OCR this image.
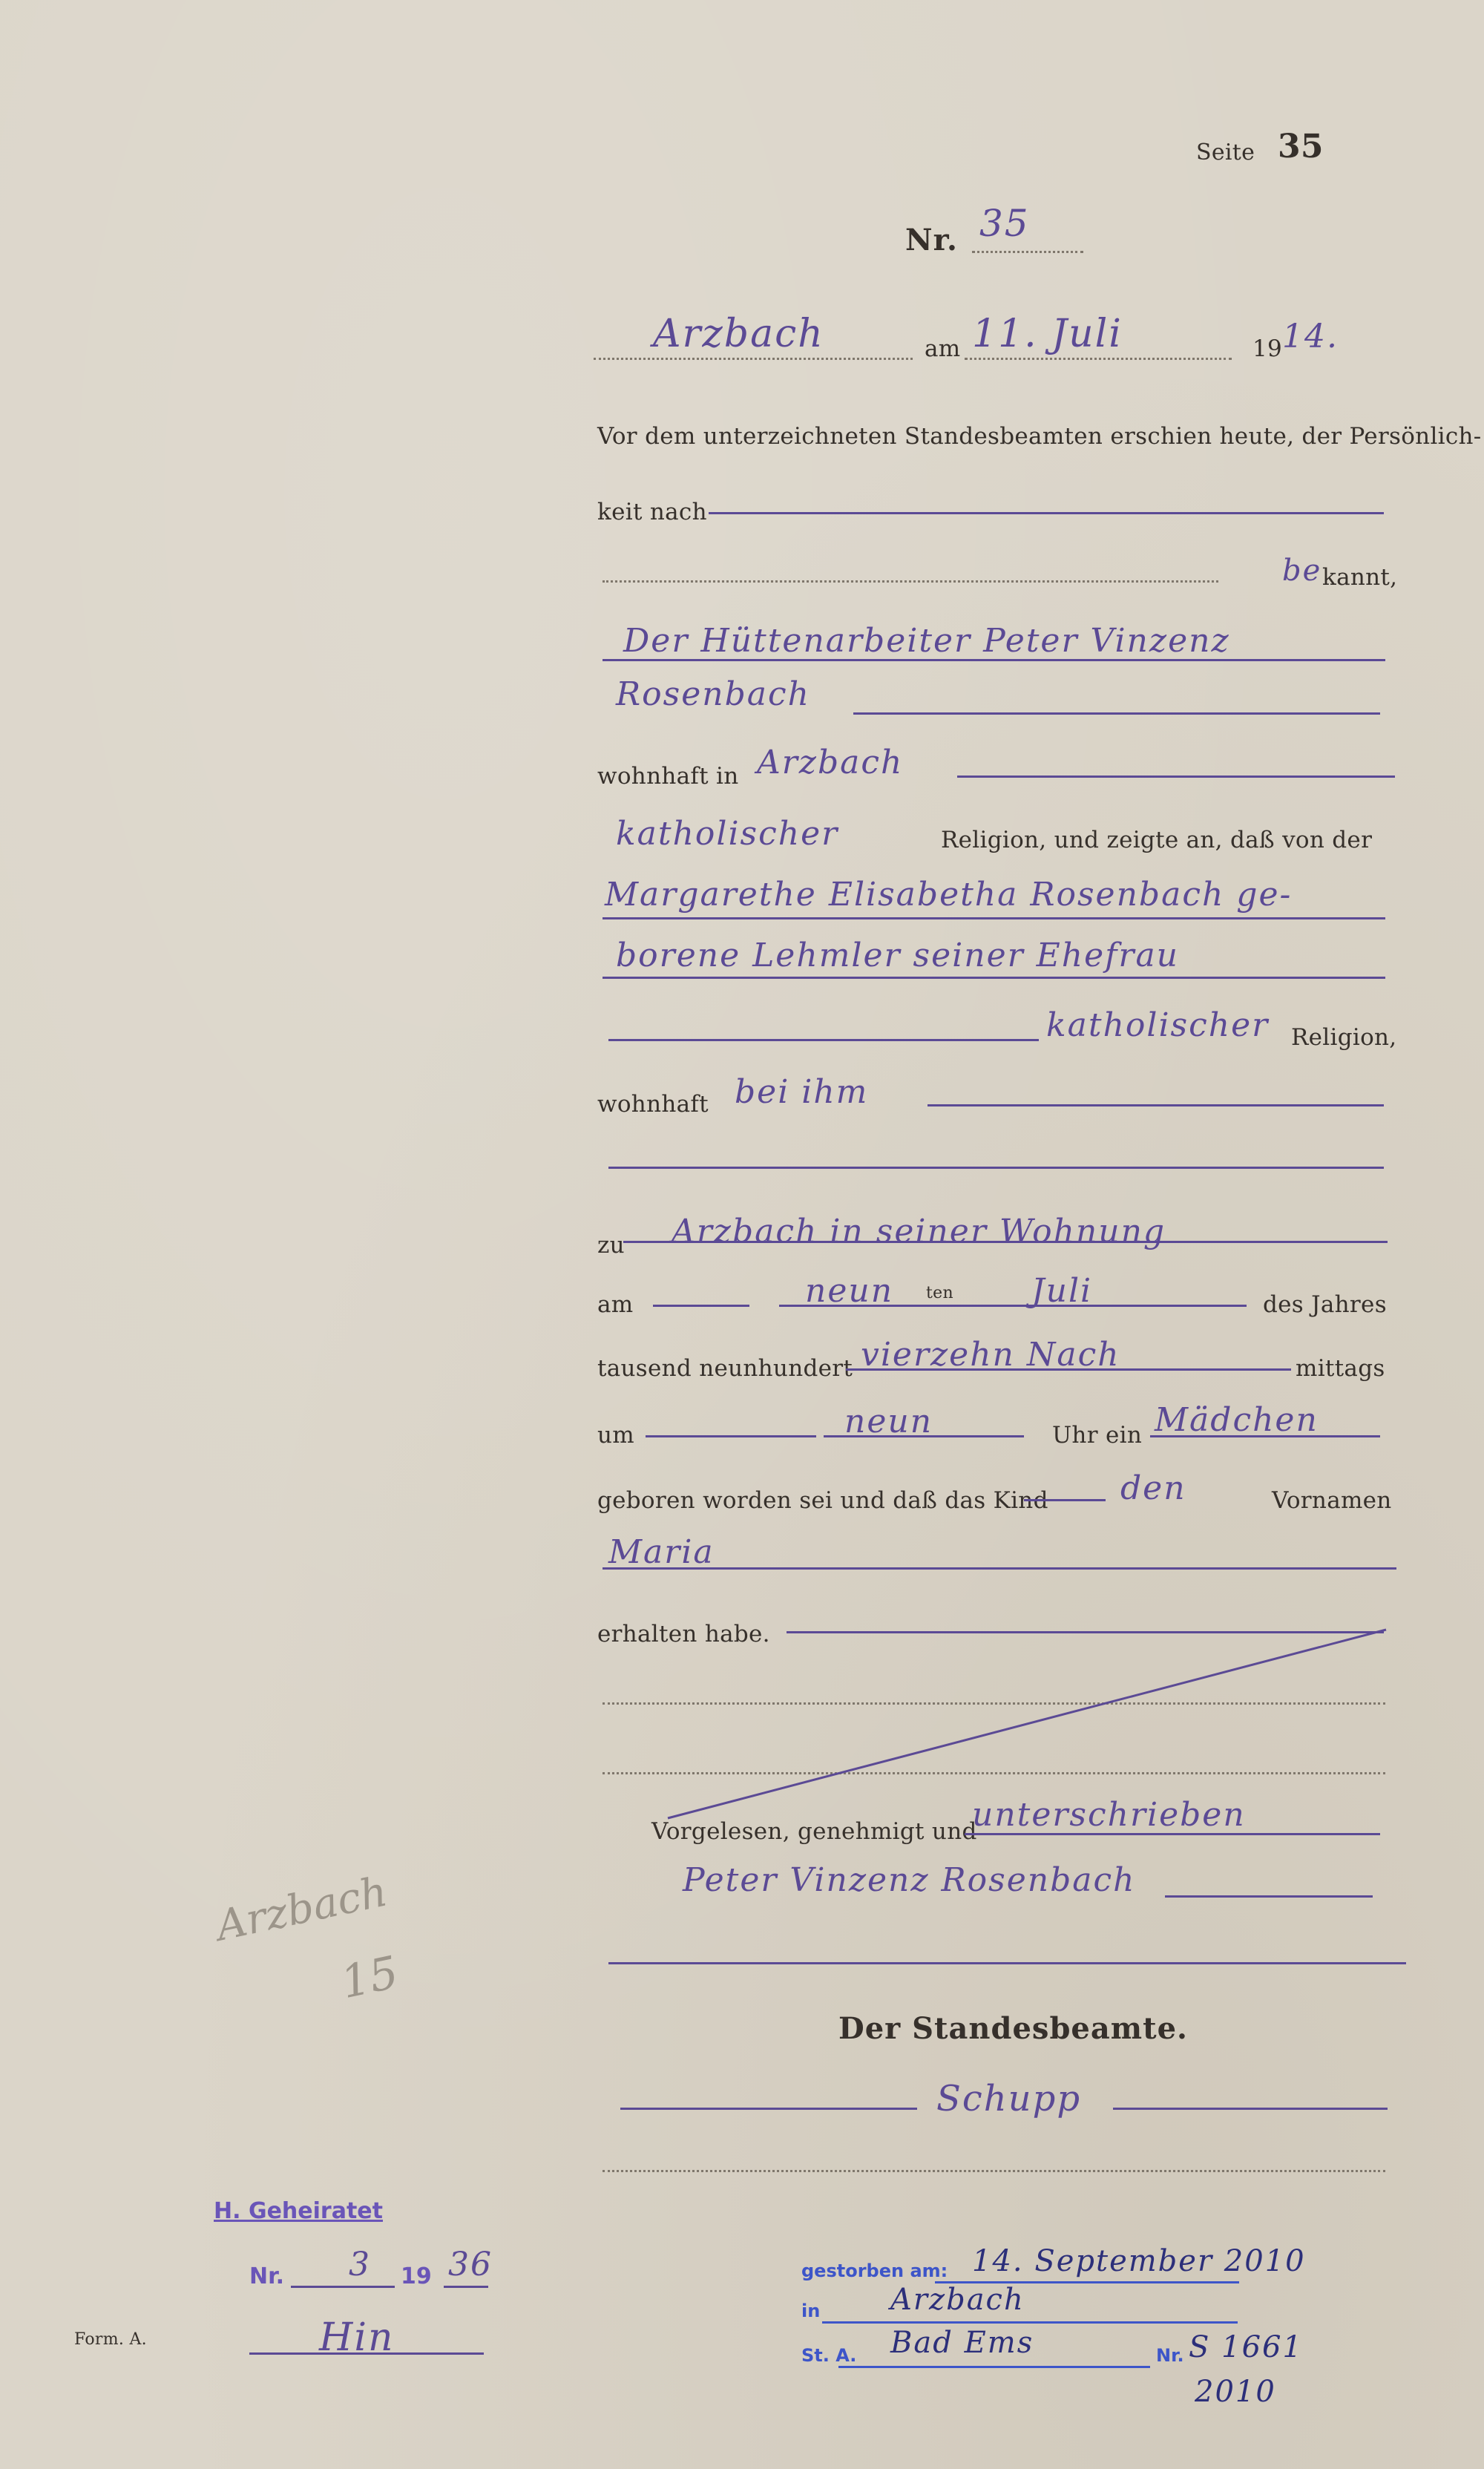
Seite 35
Nr. 35
Arzbach	am 11. Juli	19 14.
Vor dem unterzeichneten Standesbeamten erschien heute, der Persönlich-
keit nach
be kannt,
Der Hüttenarbeiter Peter Vinzenz
Rosenbach
wohnhaft in Arzbach
katholischer	Religion, und zeigte an, daß von der
Margarethe Elisabetha Rosenbach ge-
borene Lehmler seiner Ehefrau
katholischer Religion,
wohnhaft bei ihm
zu Arzbach in seiner Wohnung
am	neun ten Juli	des Jahres
tausend neunhundert vierzehn Nach	mittags
um	neun	Uhr ein Mädchen
geboren worden sei und daß das Kind den	Vornamen
Maria
erhalten habe.
Vorgelesen, genehmigt und
unterschrieben
Peter Vinzenz Rosenbach
Der Standesbeamte.
Schupp
Arzbach
15
H. Geheiratet
Nr. 3 19 36
Hin
Form. A.
gestorben am: 14. September 2010
in Arzbach
St. A. Bad Ems	Nr. S 1661
2010
